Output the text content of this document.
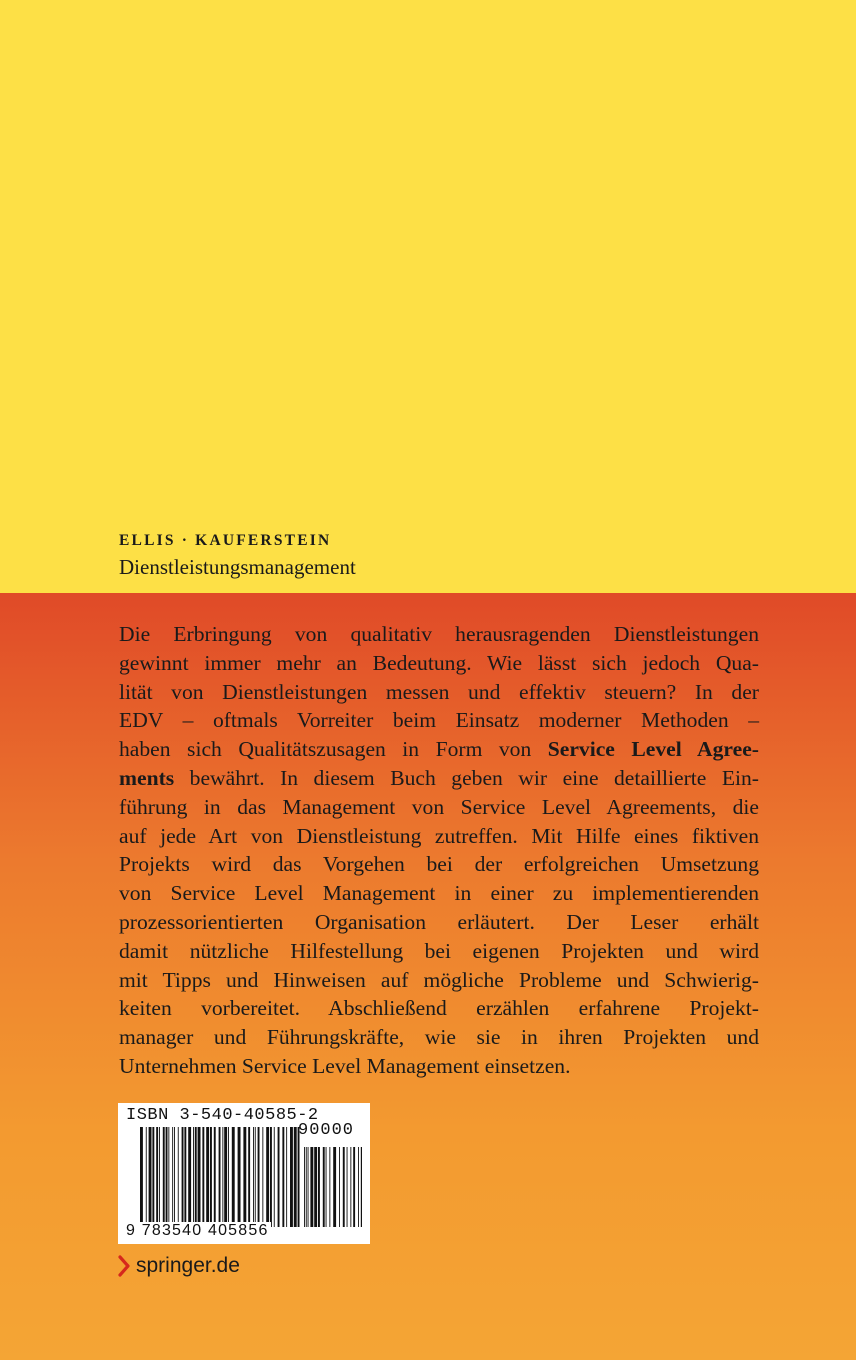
ELLIS · KAUFERSTEIN
Dienstleistungsmanagement
Die Erbringung von qualitativ herausragenden Dienstleistungen
gewinnt immer mehr an Bedeutung. Wie lässt sich jedoch Qua-
lität von Dienstleistungen messen und effektiv steuern? In der
EDV – oftmals Vorreiter beim Einsatz moderner Methoden –
haben sich Qualitätszusagen in Form von Service Level Agree-
ments bewährt. In diesem Buch geben wir eine detaillierte Ein-
führung in das Management von Service Level Agreements, die
auf jede Art von Dienstleistung zutreffen. Mit Hilfe eines fiktiven
Projekts wird das Vorgehen bei der erfolgreichen Umsetzung
von Service Level Management in einer zu implementierenden
prozessorientierten Organisation erläutert. Der Leser erhält
damit nützliche Hilfestellung bei eigenen Projekten und wird
mit Tipps und Hinweisen auf mögliche Probleme und Schwierig-
keiten vorbereitet. Abschließend erzählen erfahrene Projekt-
manager und Führungskräfte, wie sie in ihren Projekten und
Unternehmen Service Level Management einsetzen.
ISBN 3-540-40585-2
90000
9 783540 405856
springer.de
